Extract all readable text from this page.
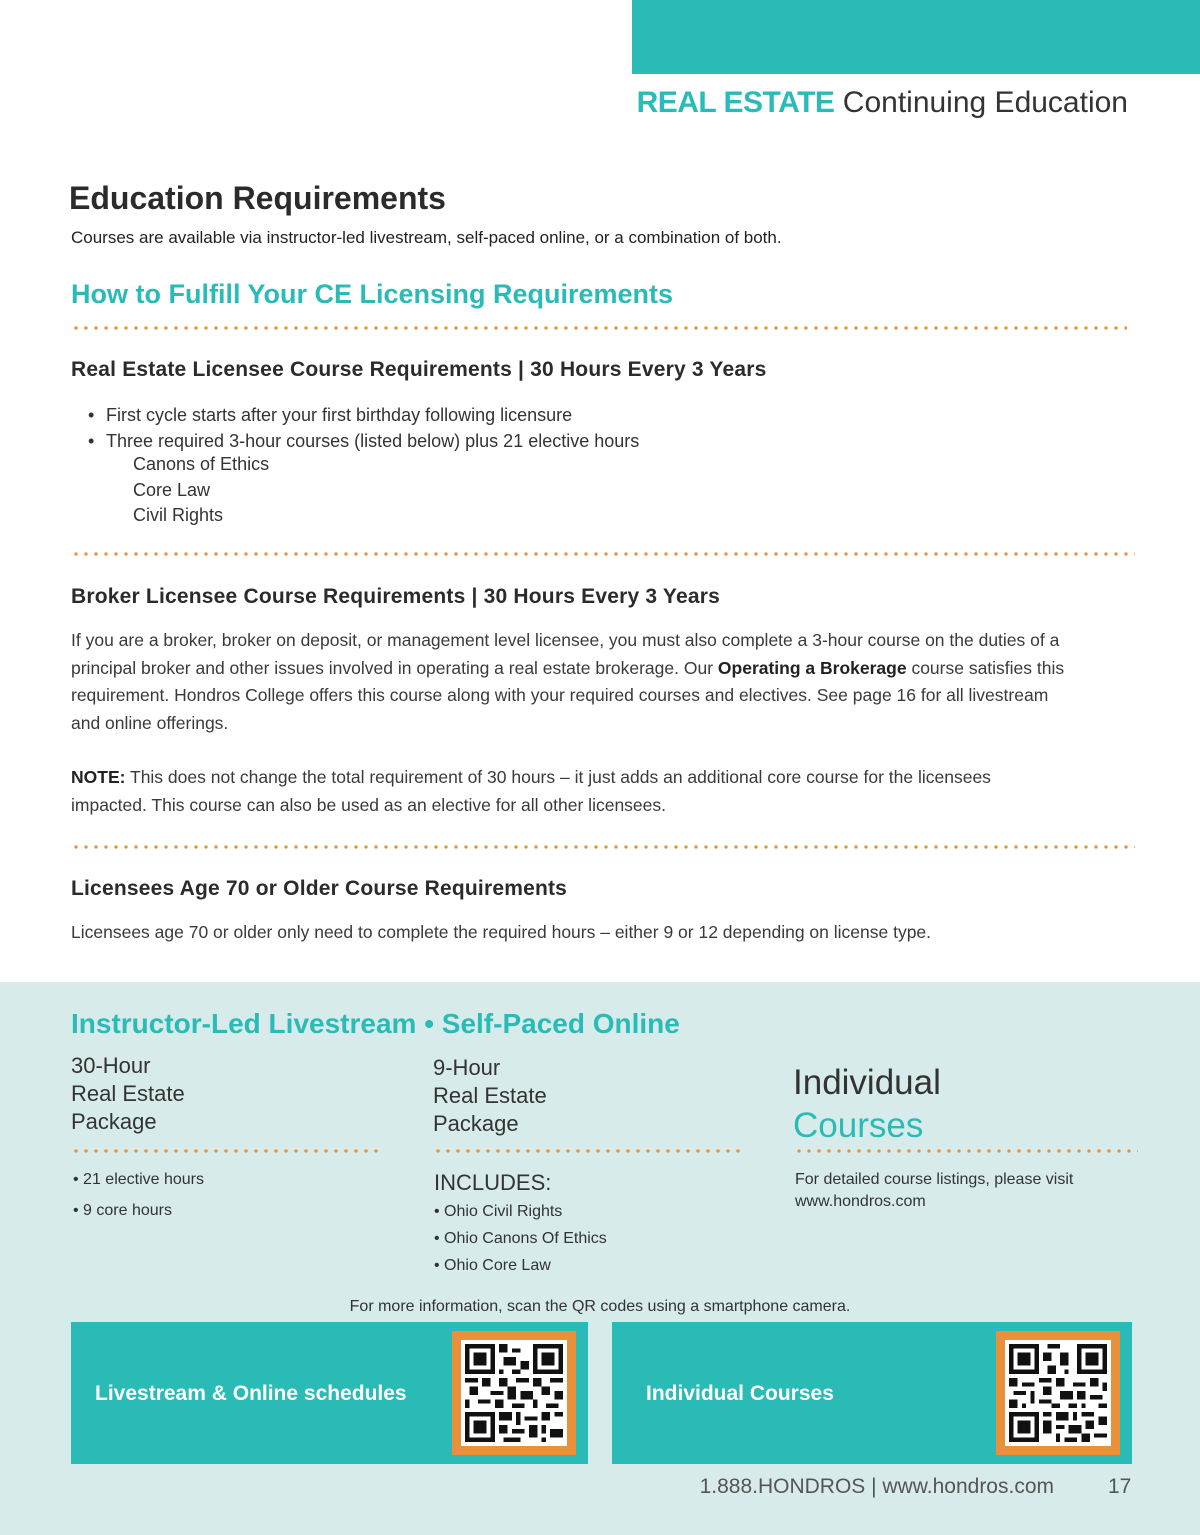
REAL ESTATE Continuing Education
Education Requirements

Courses are available via instructor-led livestream, self-paced online, or a combination of both.

How to Fulfill Your CE Licensing Requirements
Real Estate Licensee Course Requirements | 30 Hours Every 3 Years
• First cycle starts after your first birthday following licensure
• Three required 3-hour courses (listed below) plus 21 elective hours
Canons of Ethics
Core Law
Civil Rights
Broker Licensee Course Requirements | 30 Hours Every 3 Years

If you are a broker, broker on deposit, or management level licensee, you must also complete a 3-hour course on the duties of a principal broker and other issues involved in operating a real estate brokerage. Our Operating a Brokerage course satisfies this requirement. Hondros College offers this course along with your required courses and electives. See page 16 for all livestream and online offerings.

NOTE: This does not change the total requirement of 30 hours – it just adds an additional core course for the licensees impacted. This course can also be used as an elective for all other licensees.

Licensees Age 70 or Older Course Requirements

Licensees age 70 or older only need to complete the required hours – either 9 or 12 depending on license type.

Instructor-Led Livestream • Self-Paced Online
30-Hour
Real Estate
Package
• 21 elective hours
• 9 core hours
9-Hour
Real Estate
Package
INCLUDES:
• Ohio Civil Rights
• Ohio Canons Of Ethics
• Ohio Core Law
Individual
Courses
For detailed course listings, please visit www.hondros.com
For more information, scan the QR codes using a smartphone camera.
Livestream & Online schedules	Individual Courses
1.888.HONDROS | www.hondros.com	17
